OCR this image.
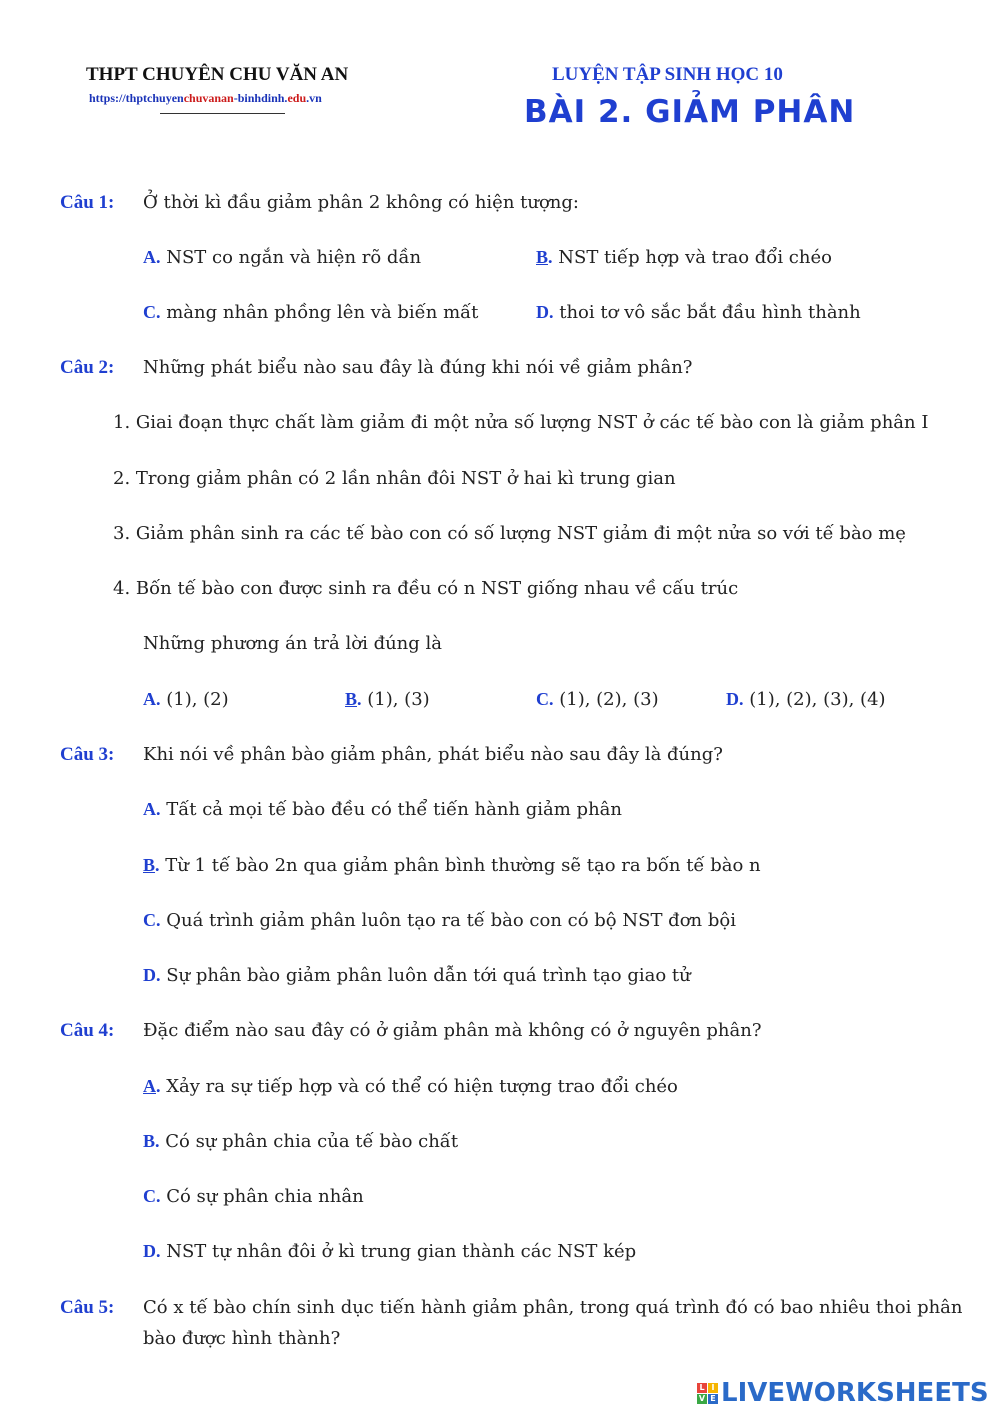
THPT CHUYÊN CHU VĂN AN
https://thptchuyenchuvanan-binhdinh.edu.vn
LUYỆN TẬP SINH HỌC 10
BÀI 2. GIẢM PHÂN
Câu 1: Ở thời kì đầu giảm phân 2 không có hiện tượng:
A. NST co ngắn và hiện rõ dần	B. NST tiếp hợp và trao đổi chéo
C. màng nhân phồng lên và biến mất	D. thoi tơ vô sắc bắt đầu hình thành
Câu 2: Những phát biểu nào sau đây là đúng khi nói về giảm phân?
1. Giai đoạn thực chất làm giảm đi một nửa số lượng NST ở các tế bào con là giảm phân I
2. Trong giảm phân có 2 lần nhân đôi NST ở hai kì trung gian
3. Giảm phân sinh ra các tế bào con có số lượng NST giảm đi một nửa so với tế bào mẹ
4. Bốn tế bào con được sinh ra đều có n NST giống nhau về cấu trúc
Những phương án trả lời đúng là
A. (1), (2)	B. (1), (3)	C. (1), (2), (3)	D. (1), (2), (3), (4)
Câu 3: Khi nói về phân bào giảm phân, phát biểu nào sau đây là đúng?
A. Tất cả mọi tế bào đều có thể tiến hành giảm phân
B. Từ 1 tế bào 2n qua giảm phân bình thường sẽ tạo ra bốn tế bào n
C. Quá trình giảm phân luôn tạo ra tế bào con có bộ NST đơn bội
D. Sự phân bào giảm phân luôn dẫn tới quá trình tạo giao tử
Câu 4: Đặc điểm nào sau đây có ở giảm phân mà không có ở nguyên phân?
A. Xảy ra sự tiếp hợp và có thể có hiện tượng trao đổi chéo
B. Có sự phân chia của tế bào chất
C. Có sự phân chia nhân
D. NST tự nhân đôi ở kì trung gian thành các NST kép
Câu 5: Có x tế bào chín sinh dục tiến hành giảm phân, trong quá trình đó có bao nhiêu thoi phân
bào được hình thành?
L I
V E LIVEWORKSHEETS
